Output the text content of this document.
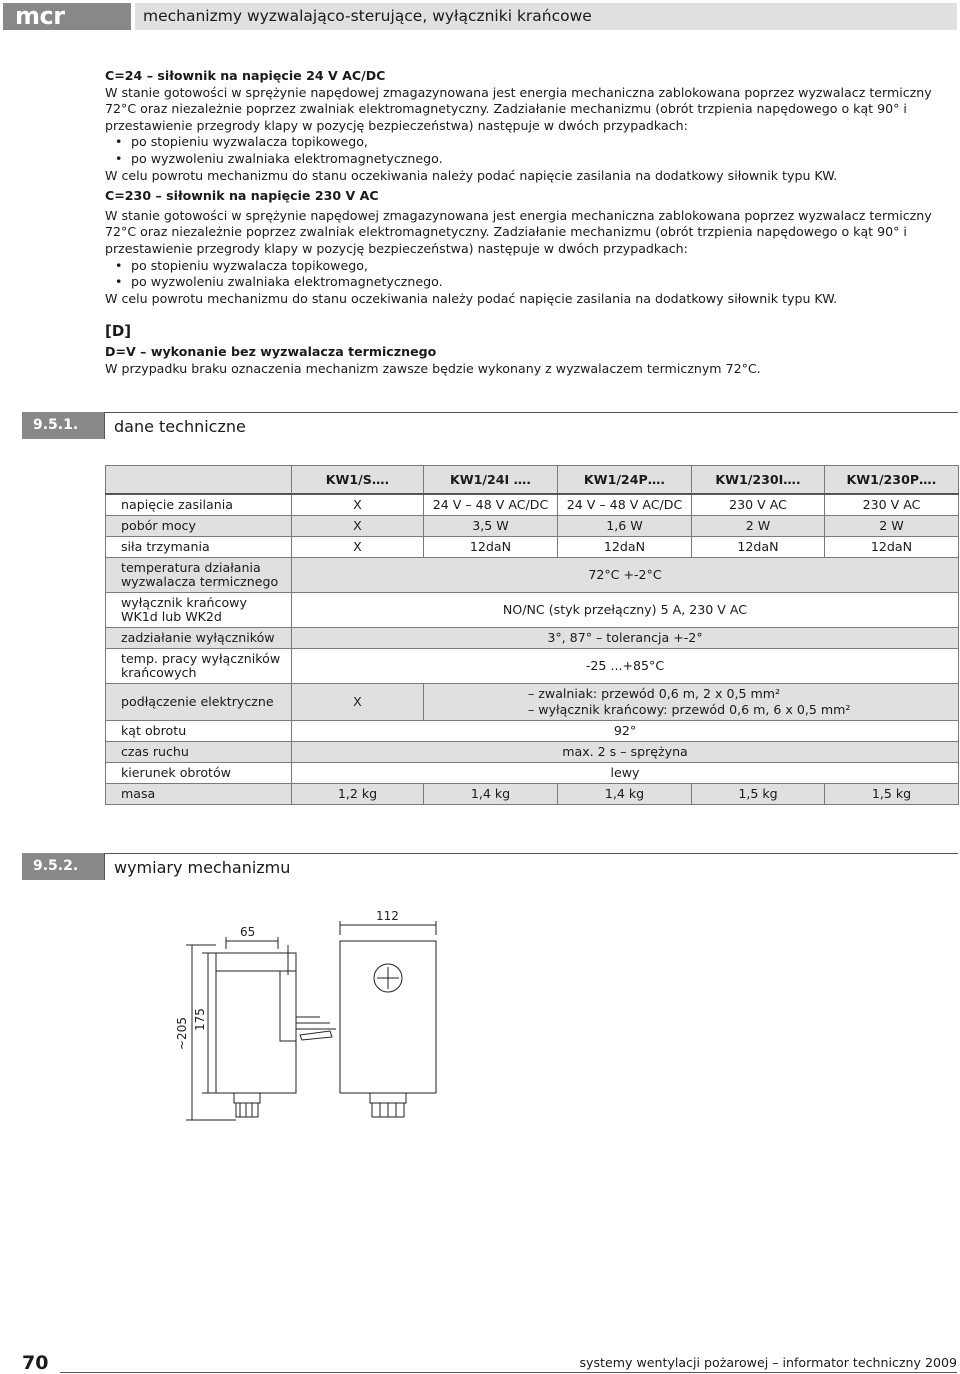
mcr	mechanizmy wyzwalająco-sterujące, wyłączniki krańcowe
C=24 – siłownik na napięcie 24 V AC/DC

W stanie gotowości w sprężynie napędowej zmagazynowana jest energia mechaniczna zablokowana poprzez wyzwalacz termiczny 72°C oraz niezależnie poprzez zwalniak elektromagnetyczny. Zadziałanie mechanizmu (obrót trzpienia napędowego o kąt 90° i przestawienie przegrody klapy w pozycję bezpieczeństwa) następuje w dwóch przypadkach:

• po stopieniu wyzwalacza topikowego,
• po wyzwoleniu zwalniaka elektromagnetycznego.

W celu powrotu mechanizmu do stanu oczekiwania należy podać napięcie zasilania na dodatkowy siłownik typu KW.

C=230 – siłownik na napięcie 230 V AC

W stanie gotowości w sprężynie napędowej zmagazynowana jest energia mechaniczna zablokowana poprzez wyzwalacz termiczny 72°C oraz niezależnie poprzez zwalniak elektromagnetyczny. Zadziałanie mechanizmu (obrót trzpienia napędowego o kąt 90° i przestawienie przegrody klapy w pozycję bezpieczeństwa) następuje w dwóch przypadkach:

• po stopieniu wyzwalacza topikowego,
• po wyzwoleniu zwalniaka elektromagnetycznego.

W celu powrotu mechanizmu do stanu oczekiwania należy podać napięcie zasilania na dodatkowy siłownik typu KW.

[D]

D=V – wykonanie bez wyzwalacza termicznego

W przypadku braku oznaczenia mechanizm zawsze będzie wykonany z wyzwalaczem termicznym 72°C.

9.5.1.	dane techniczne
	KW1/S….	KW1/24I ….	KW1/24P….	KW1/230I….	KW1/230P….
napięcie zasilania	X	24 V – 48 V AC/DC	24 V – 48 V AC/DC	230 V AC	230 V AC
pobór mocy	X	3,5 W	1,6 W	2 W	2 W
siła trzymania	X	12daN	12daN	12daN	12daN
temperatura działania wyzwalacza termicznego	72°C +-2°C				
wyłącznik krańcowy WK1d lub WK2d	NO/NC (styk przełączny) 5 A, 230 V AC				
zadziałanie wyłączników	3°, 87° – tolerancja +-2°				
temp. pracy wyłączników krańcowych	-25 ...+85°C				
podłączenie elektryczne	X	– zwalniak: przewód 0,6 m, 2 x 0,5 mm²
– wyłącznik krańcowy: przewód 0,6 m, 6 x 0,5 mm²			

kąt obrotu	92°				
czas ruchu	max. 2 s – sprężyna				
kierunek obrotów	lewy				
masa	1,2 kg	1,4 kg	1,4 kg	1,5 kg	1,5 kg
9.5.2.	wymiary mechanizmu
65
112
~205 175
70	systemy wentylacji pożarowej – informator techniczny 2009
